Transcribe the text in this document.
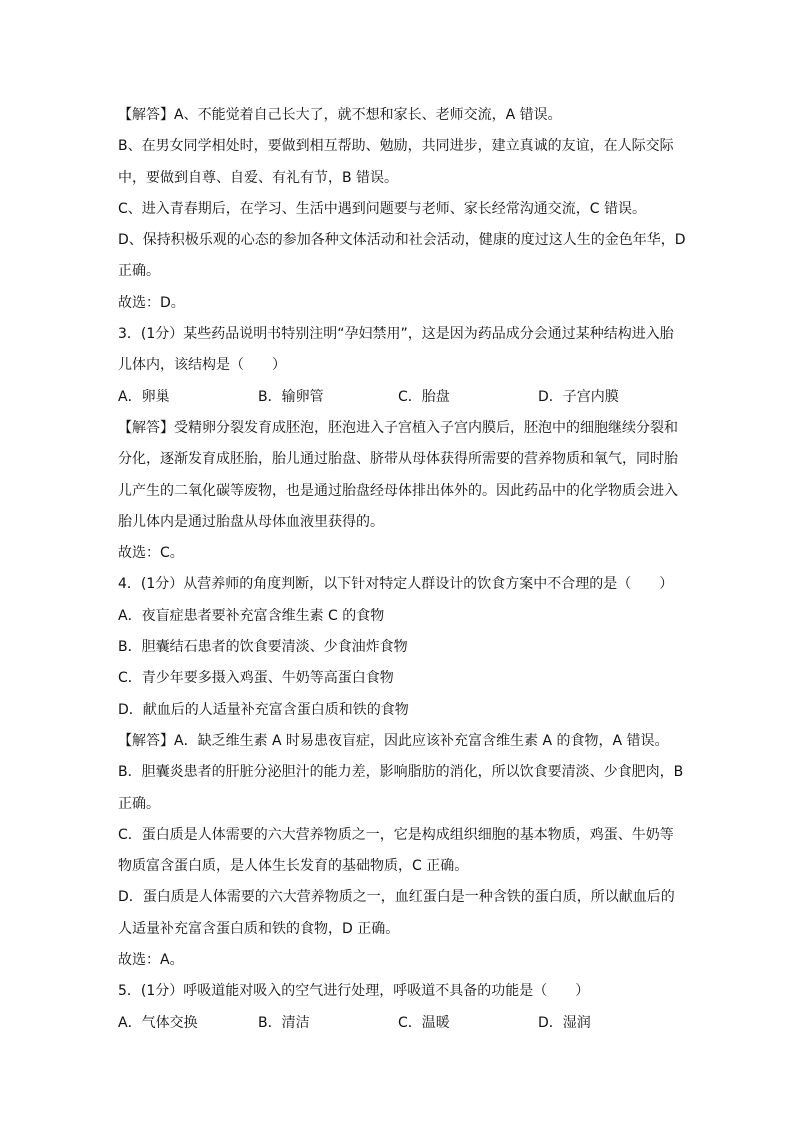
【解答】A、不能觉着自己长大了，就不想和家长、老师交流，A 错误。
B、在男女同学相处时，要做到相互帮助、勉励，共同进步，建立真诚的友谊，在人际交际
中，要做到自尊、自爱、有礼有节，B 错误。
C、进入青春期后，在学习、生活中遇到问题要与老师、家长经常沟通交流，C 错误。
D、保持积极乐观的心态的参加各种文体活动和社会活动，健康的度过这人生的金色年华，D
正确。
故选：D。
3．(1分）某些药品说明书特别注明“孕妇禁用”，这是因为药品成分会通过某种结构进入胎
儿体内，该结构是（　　）
A．卵巢	B．输卵管	C．胎盘	D．子宫内膜
【解答】受精卵分裂发育成胚泡，胚泡进入子宫植入子宫内膜后，胚泡中的细胞继续分裂和
分化，逐渐发育成胚胎，胎儿通过胎盘、脐带从母体获得所需要的营养物质和氧气，同时胎
儿产生的二氧化碳等废物，也是通过胎盘经母体排出体外的。因此药品中的化学物质会进入
胎儿体内是通过胎盘从母体血液里获得的。
故选：C。
4．(1分）从营养师的角度判断，以下针对特定人群设计的饮食方案中不合理的是（　　）
A．夜盲症患者要补充富含维生素 C 的食物
B．胆囊结石患者的饮食要清淡、少食油炸食物
C．青少年要多摄入鸡蛋、牛奶等高蛋白食物
D．献血后的人适量补充富含蛋白质和铁的食物
【解答】A．缺乏维生素 A 时易患夜盲症，因此应该补充富含维生素 A 的食物，A 错误。
B．胆囊炎患者的肝脏分泌胆汁的能力差，影响脂肪的消化，所以饮食要清淡、少食肥肉，B
正确。
C．蛋白质是人体需要的六大营养物质之一，它是构成组织细胞的基本物质，鸡蛋、牛奶等
物质富含蛋白质，是人体生长发育的基础物质，C 正确。
D．蛋白质是人体需要的六大营养物质之一，血红蛋白是一种含铁的蛋白质，所以献血后的
人适量补充富含蛋白质和铁的食物，D 正确。
故选：A。
5．(1分）呼吸道能对吸入的空气进行处理，呼吸道不具备的功能是（　　）
A．气体交换	B．清洁	C．温暖	D．湿润
